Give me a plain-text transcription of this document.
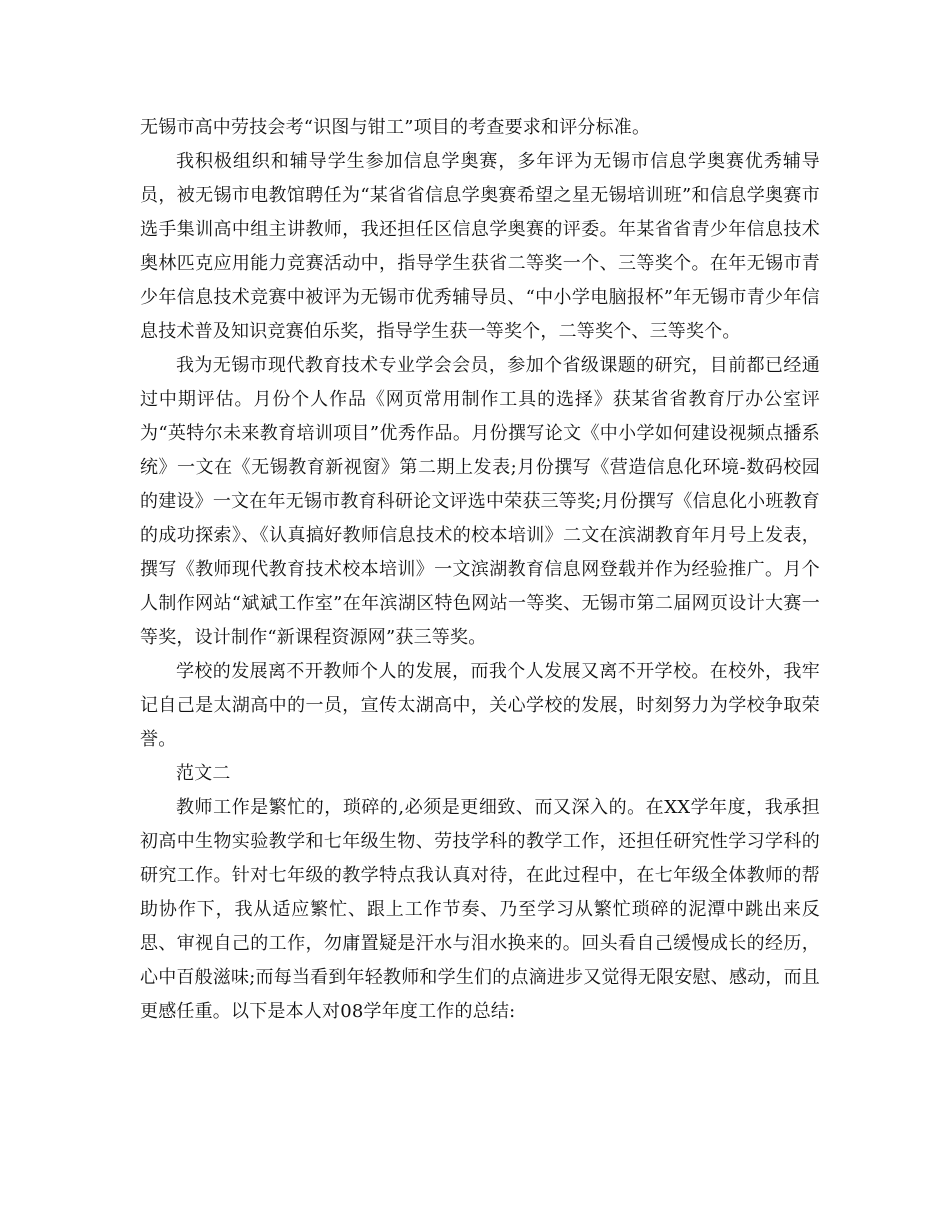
无锡市高中劳技会考“识图与钳工”项目的考查要求和评分标准。

我积极组织和辅导学生参加信息学奥赛，多年评为无锡市信息学奥赛优秀辅导员，被无锡市电教馆聘任为“某省省信息学奥赛希望之星无锡培训班”和信息学奥赛市选手集训高中组主讲教师，我还担任区信息学奥赛的评委。年某省省青少年信息技术奥林匹克应用能力竞赛活动中，指导学生获省二等奖一个、三等奖个。在年无锡市青少年信息技术竞赛中被评为无锡市优秀辅导员、“中小学电脑报杯”年无锡市青少年信息技术普及知识竞赛伯乐奖，指导学生获一等奖个，二等奖个、三等奖个。

我为无锡市现代教育技术专业学会会员，参加个省级课题的研究，目前都已经通过中期评估。月份个人作品《网页常用制作工具的选择》获某省省教育厅办公室评为“英特尔未来教育培训项目”优秀作品。月份撰写论文《中小学如何建设视频点播系统》一文在《无锡教育新视窗》第二期上发表;月份撰写《营造信息化环境-数码校园的建设》一文在年无锡市教育科研论文评选中荣获三等奖;月份撰写《信息化小班教育的成功探索》、《认真搞好教师信息技术的校本培训》二文在滨湖教育年月号上发表，撰写《教师现代教育技术校本培训》一文滨湖教育信息网登载并作为经验推广。月个人制作网站“斌斌工作室”在年滨湖区特色网站一等奖、无锡市第二届网页设计大赛一等奖，设计制作“新课程资源网”获三等奖。

学校的发展离不开教师个人的发展，而我个人发展又离不开学校。在校外，我牢记自己是太湖高中的一员，宣传太湖高中，关心学校的发展，时刻努力为学校争取荣誉。

范文二

教师工作是繁忙的，琐碎的,必须是更细致、而又深入的。在XX学年度，我承担初高中生物实验教学和七年级生物、劳技学科的教学工作，还担任研究性学习学科的研究工作。针对七年级的教学特点我认真对待，在此过程中，在七年级全体教师的帮助协作下，我从适应繁忙、跟上工作节奏、乃至学习从繁忙琐碎的泥潭中跳出来反思、审视自己的工作，勿庸置疑是汗水与泪水换来的。回头看自己缓慢成长的经历，心中百般滋味;而每当看到年轻教师和学生们的点滴进步又觉得无限安慰、感动，而且更感任重。以下是本人对08学年度工作的总结:
